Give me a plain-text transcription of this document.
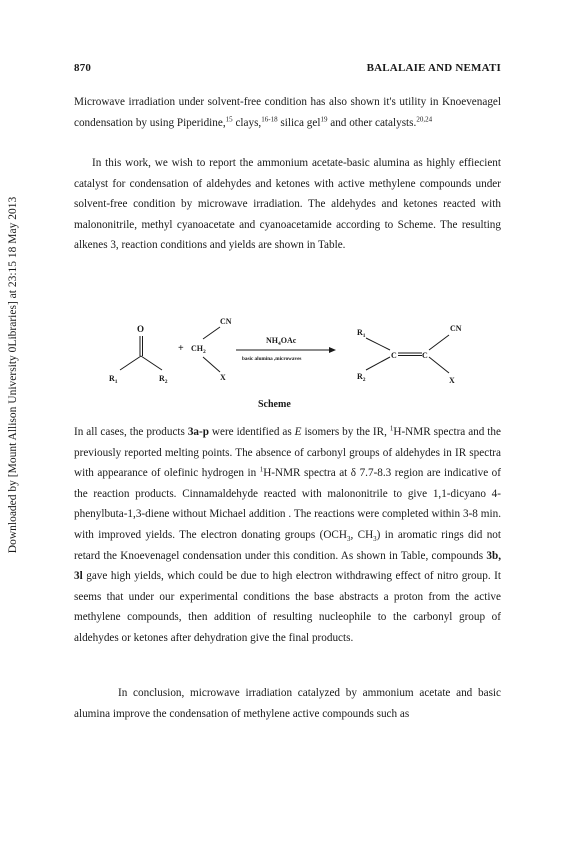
Downloaded by [Mount Allison University 0Libraries] at 23:15 18 May 2013
870	BALALAIE AND NEMATI
Microwave irradiation under solvent-free condition has also shown it's utility in Knoevenagel condensation by using Piperidine,$^{15}$ clays,$^{16-18}$ silica gel$^{19}$ and other catalysts.$^{20,24}$
In this work, we wish to report the ammonium acetate-basic alumina as highly effiecient catalyst for condensation of aldehydes and ketones with active methylene compounds under solvent-free condition by microwave irradiation. The aldehydes and ketones reacted with malononitrile, methyl cyanoacetate and cyanoacetamide according to Scheme. The resulting alkenes 3, reaction conditions and yields are shown in Table.
O
$R_1$	$R_2$
+
CN
$CH_2$
X
$NH_4OAc$
basic alumina ,microwaves
$R_1$
$R_2$
C	C
CN
X
Scheme
In all cases, the products 3a-p were identified as E isomers by the IR, $^1$H-NMR spectra and the previously reported melting points. The absence of carbonyl groups of aldehydes in IR spectra with appearance of olefinic hydrogen in $^1$H-NMR spectra at δ 7.7-8.3 region are indicative of the reaction products. Cinnamaldehyde reacted with malononitrile to give 1,1-dicyano 4-phenylbuta-1,3-diene without Michael addition . The reactions were completed within 3-8 min. with improved yields. The electron donating groups ($OCH_3$, $CH_3$) in aromatic rings did not retard the Knoevenagel condensation under this condition. As shown in Table, compounds 3b, 3l gave high yields, which could be due to high electron withdrawing effect of nitro group. It seems that under our experimental conditions the base abstracts a proton from the active methylene compounds, then addition of resulting nucleophile to the carbonyl group of aldehydes or ketones after dehydration give the final products.
In conclusion, microwave irradiation catalyzed by ammonium acetate and basic alumina improve the condensation of methylene active compounds such as
